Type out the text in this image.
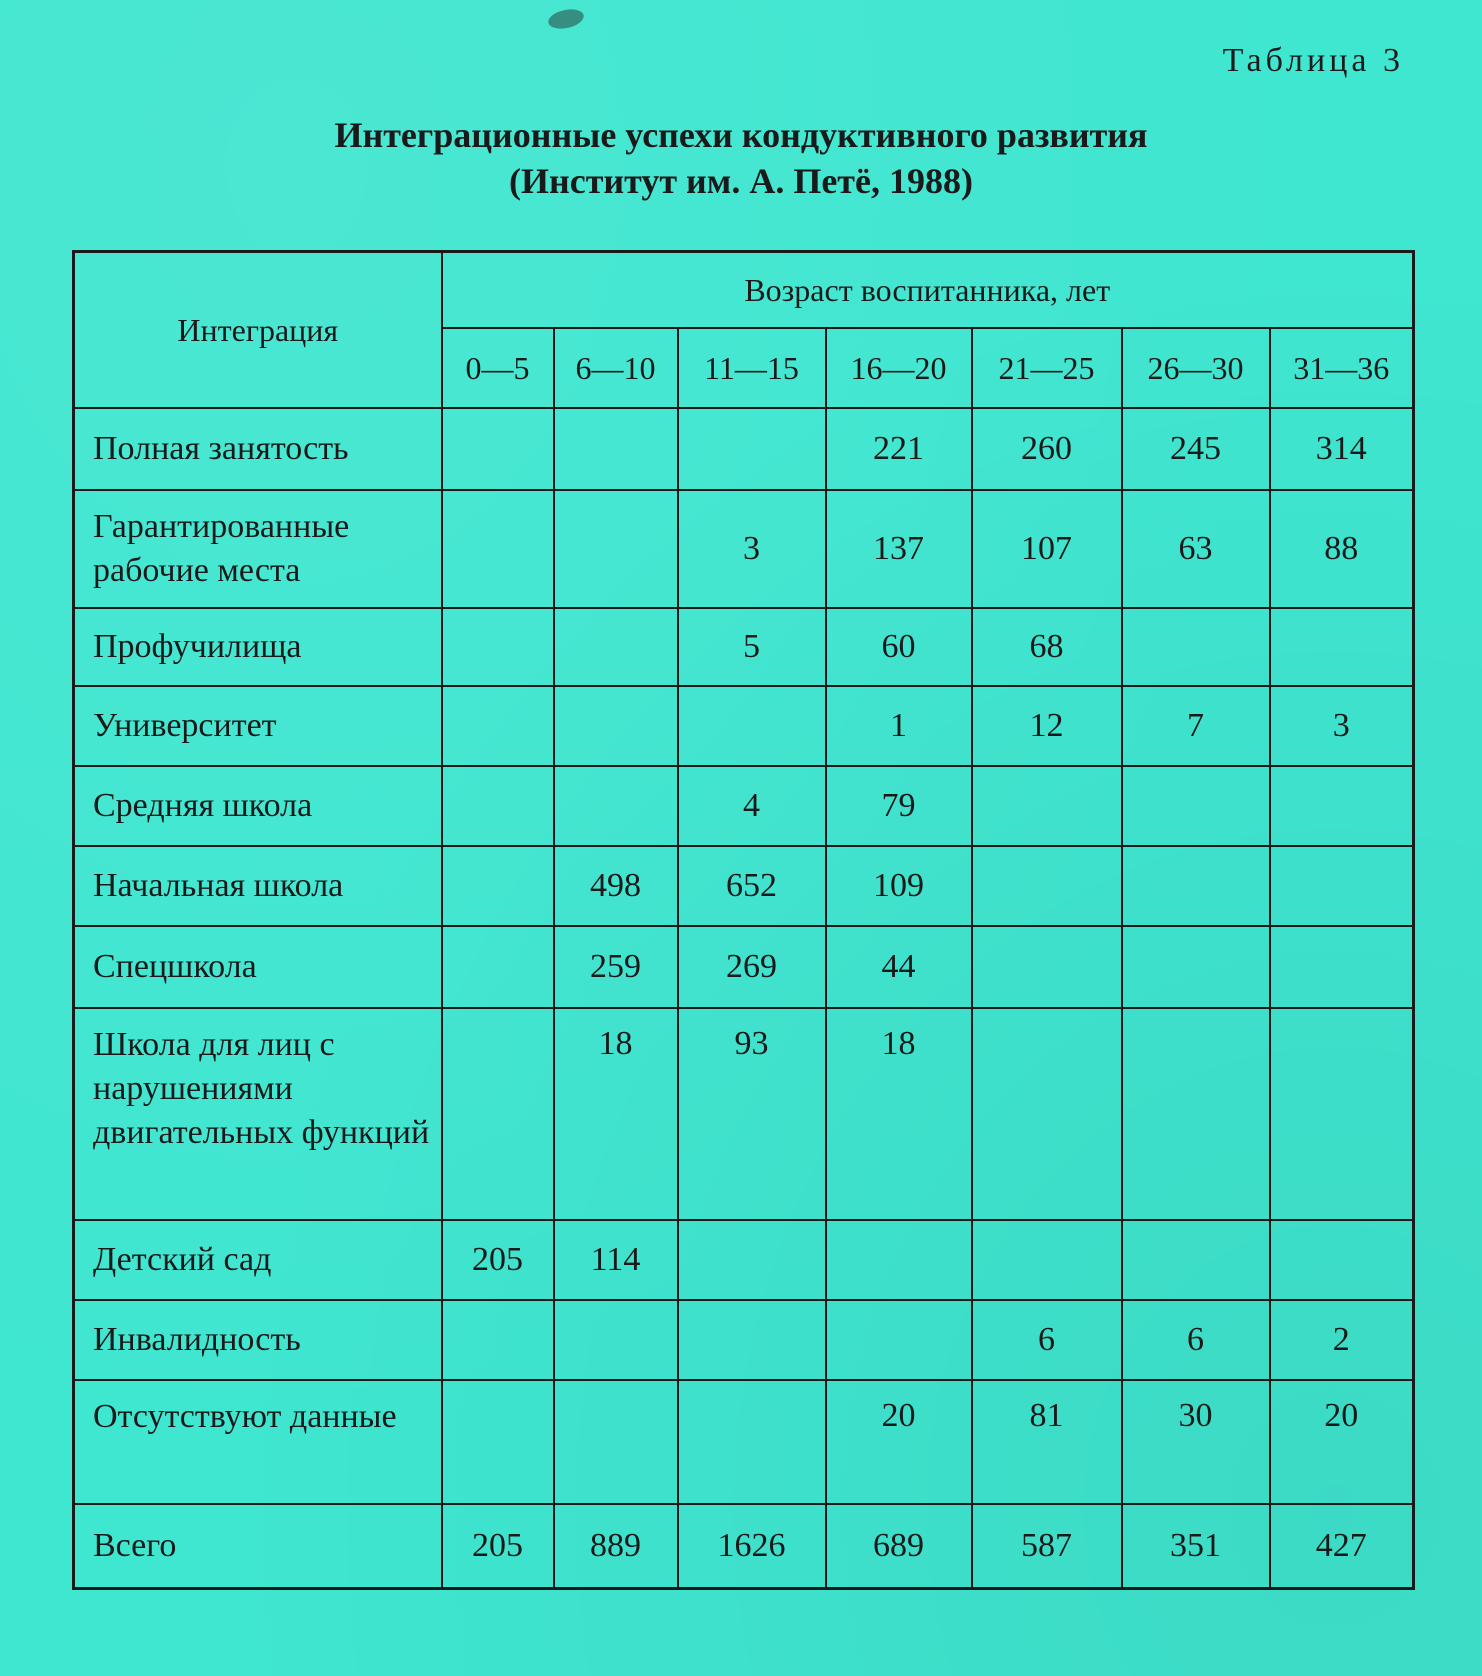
Таблица 3
Интеграционные успехи кондуктивного развития
(Институт им. А. Петё, 1988)
Интеграция	Возраст воспитанника, лет						
	0—5	6—10	11—15	16—20	21—25	26—30	31—36
Полная занятость				221	260	245	314
Гарантированные рабочие места			3	137	107	63	88
Профучилища			5	60	68		
Университет				1	12	7	3
Средняя школа			4	79			
Начальная школа		498	652	109			
Спецшкола		259	269	44			
Школа для лиц с нарушениями двигательных функций		18	93	18			
Детский сад	205	114					
Инвалидность					6	6	2
Отсутствуют данные				20	81	30	20
Всего	205	889	1626	689	587	351	427
